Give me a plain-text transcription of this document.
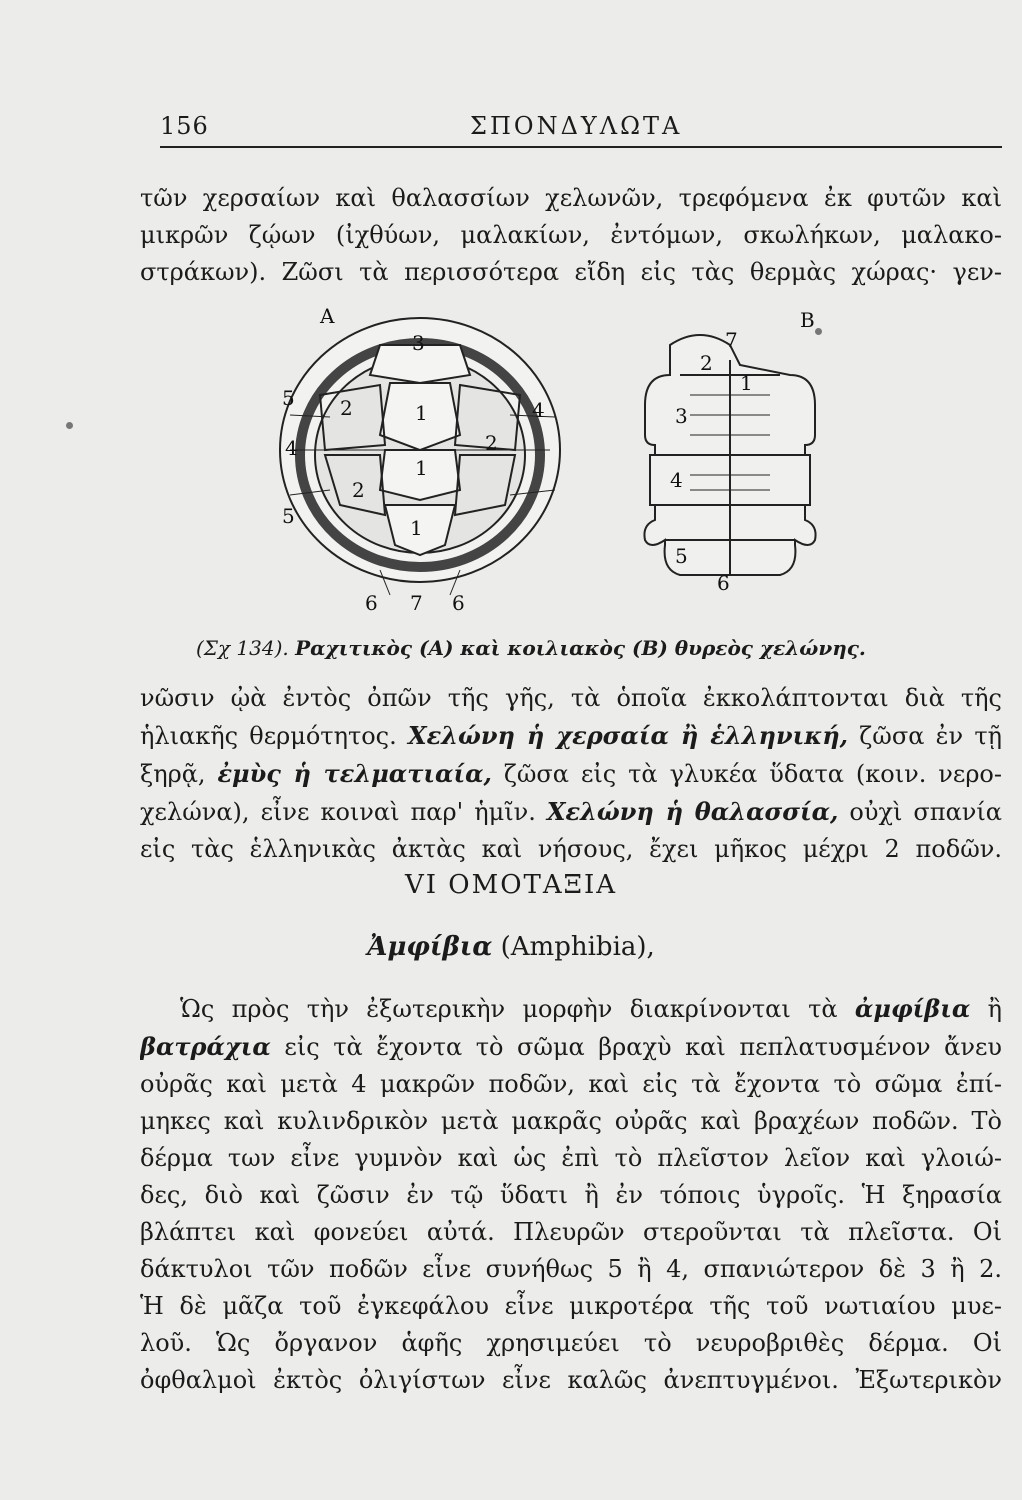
156	ΣΠΟΝΔΥΛΩΤΑ
τῶν χερσαίων καὶ θαλασσίων χελωνῶν, τρεφόμενα ἐκ φυτῶν καὶ
μικρῶν ζῴων (ἰχθύων, μαλακίων, ἐντόμων, σκωλήκων, μαλακο-
στράκων). Ζῶσι τὰ περισσότερα εἴδη εἰς τὰς θερμὰς χώρας· γεν-
A
3
2	1
1
2
2
1
4
4
5
5
6 7 6
B
7
2
1
3
4
5
6
(Σχ 134). Ραχιτικὸς (Α) καὶ κοιλιακὸς (Β) θυρεὸς χελώνης.
νῶσιν ᾠὰ ἐντὸς ὀπῶν τῆς γῆς, τὰ ὁποῖα ἐκκολάπτονται διὰ τῆς
ἡλιακῆς θερμότητος. Χελώνη ἡ χερσαία ἢ ἑλληνική, ζῶσα ἐν τῇ
ξηρᾷ, ἐμὺς ἡ τελματιαία, ζῶσα εἰς τὰ γλυκέα ὕδατα (κοιν. νερο-
χελώνα), εἶνε κοιναὶ παρ' ἡμῖν. Χελώνη ἡ θαλασσία, οὐχὶ σπανία
εἰς τὰς ἑλληνικὰς ἀκτὰς καὶ νήσους, ἔχει μῆκος μέχρι 2 ποδῶν.
VI ΟΜΟΤΑΞΙΑ
Ἀμφίβια (Amphibia),
Ὡς πρὸς τὴν ἐξωτερικὴν μορφὴν διακρίνονται τὰ ἀμφίβια ἢ
βατράχια εἰς τὰ ἔχοντα τὸ σῶμα βραχὺ καὶ πεπλατυσμένον ἄνευ
οὐρᾶς καὶ μετὰ 4 μακρῶν ποδῶν, καὶ εἰς τὰ ἔχοντα τὸ σῶμα ἐπί-
μηκες καὶ κυλινδρικὸν μετὰ μακρᾶς οὐρᾶς καὶ βραχέων ποδῶν. Τὸ
δέρμα των εἶνε γυμνὸν καὶ ὡς ἐπὶ τὸ πλεῖστον λεῖον καὶ γλοιώ-
δες, διὸ καὶ ζῶσιν ἐν τῷ ὕδατι ἢ ἐν τόποις ὑγροῖς. Ἡ ξηρασία
βλάπτει καὶ φονεύει αὐτά. Πλευρῶν στεροῦνται τὰ πλεῖστα. Οἱ
δάκτυλοι τῶν ποδῶν εἶνε συνήθως 5 ἢ 4, σπανιώτερον δὲ 3 ἢ 2.
Ἡ δὲ μᾶζα τοῦ ἐγκεφάλου εἶνε μικροτέρα τῆς τοῦ νωτιαίου μυε-
λοῦ. Ὡς ὄργανον ἁφῆς χρησιμεύει τὸ νευροβριθὲς δέρμα. Οἱ
ὀφθαλμοὶ ἐκτὸς ὀλιγίστων εἶνε καλῶς ἀνεπτυγμένοι. Ἐξωτερικὸν
